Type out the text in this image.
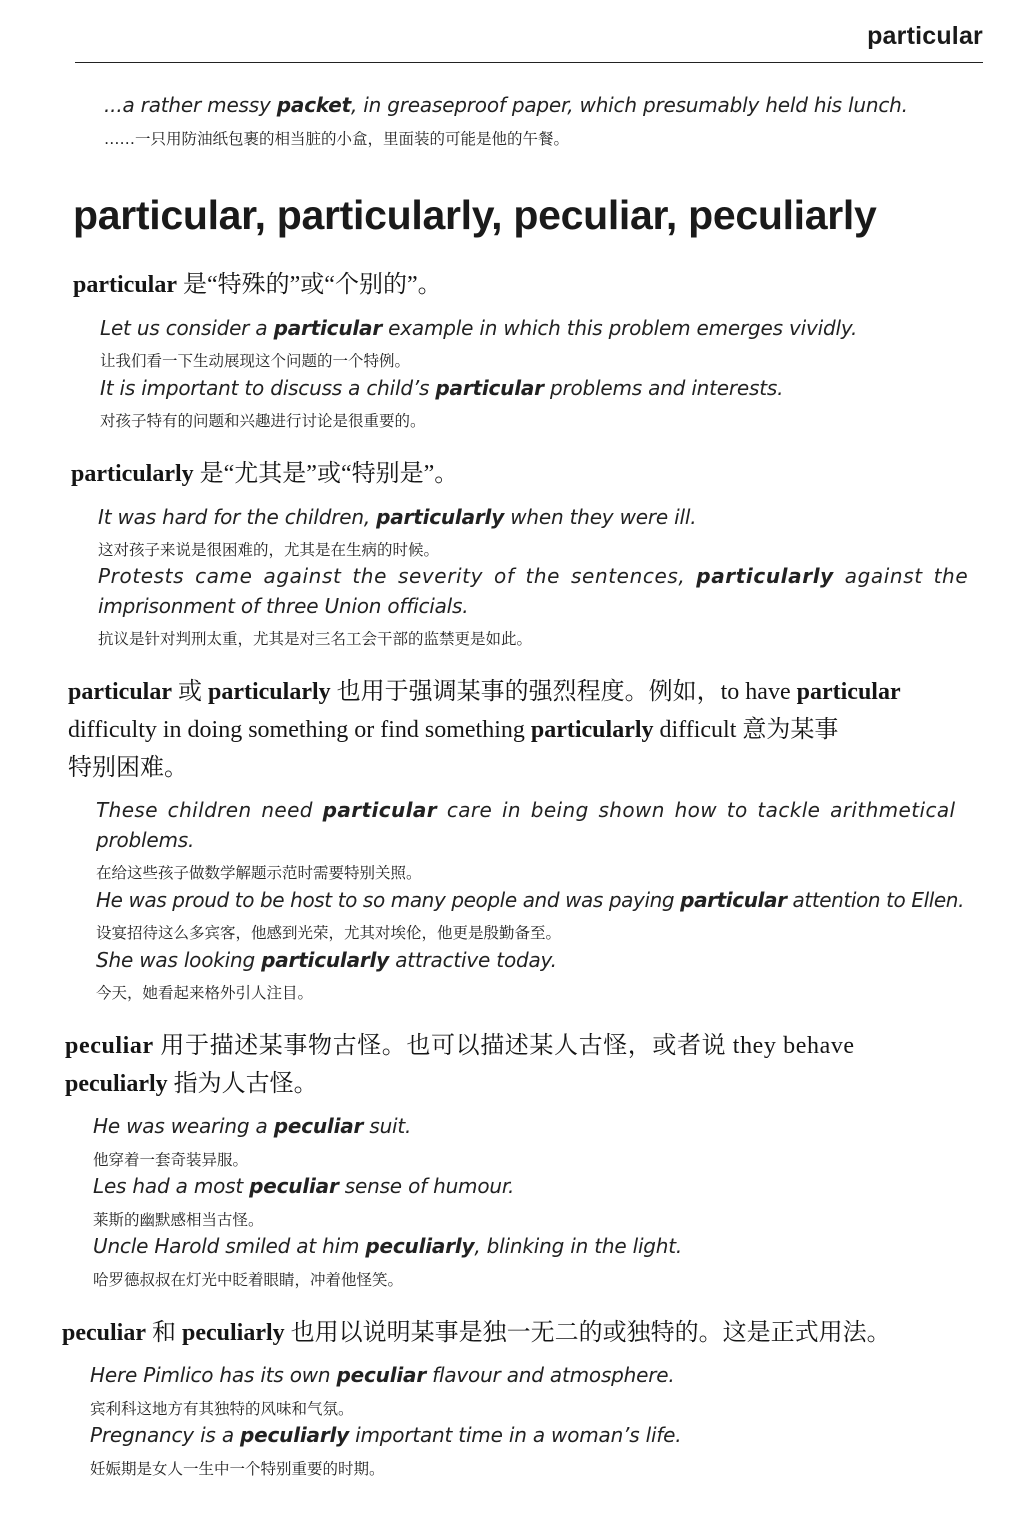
particular
...a rather messy packet, in greaseproof paper, which presumably held his lunch.
……一只用防油纸包裹的相当脏的小盒，里面装的可能是他的午餐。
particular, particularly, peculiar, peculiarly
particular 是“特殊的”或“个别的”。
Let us consider a particular example in which this problem emerges vividly.
让我们看一下生动展现这个问题的一个特例。
It is important to discuss a child’s particular problems and interests.
对孩子特有的问题和兴趣进行讨论是很重要的。
particularly 是“尤其是”或“特别是”。
It was hard for the children, particularly when they were ill.
这对孩子来说是很困难的，尤其是在生病的时候。
Protests came against the severity of the sentences, particularly against the
imprisonment of three Union officials.
抗议是针对判刑太重，尤其是对三名工会干部的监禁更是如此。
particular 或 particularly 也用于强调某事的强烈程度。例如，to have particular
difficulty in doing something or find something particularly difficult 意为某事
特别困难。
These children need particular care in being shown how to tackle arithmetical
problems.
在给这些孩子做数学解题示范时需要特别关照。
He was proud to be host to so many people and was paying particular attention to Ellen.
设宴招待这么多宾客，他感到光荣，尤其对埃伦，他更是殷勤备至。
She was looking particularly attractive today.
今天，她看起来格外引人注目。
peculiar 用于描述某事物古怪。也可以描述某人古怪，或者说 they behave
peculiarly 指为人古怪。
He was wearing a peculiar suit.
他穿着一套奇装异服。
Les had a most peculiar sense of humour.
莱斯的幽默感相当古怪。
Uncle Harold smiled at him peculiarly, blinking in the light.
哈罗德叔叔在灯光中眨着眼睛，冲着他怪笑。
peculiar 和 peculiarly 也用以说明某事是独一无二的或独特的。这是正式用法。
Here Pimlico has its own peculiar flavour and atmosphere.
宾利科这地方有其独特的风味和气氛。
Pregnancy is a peculiarly important time in a woman’s life.
妊娠期是女人一生中一个特别重要的时期。
